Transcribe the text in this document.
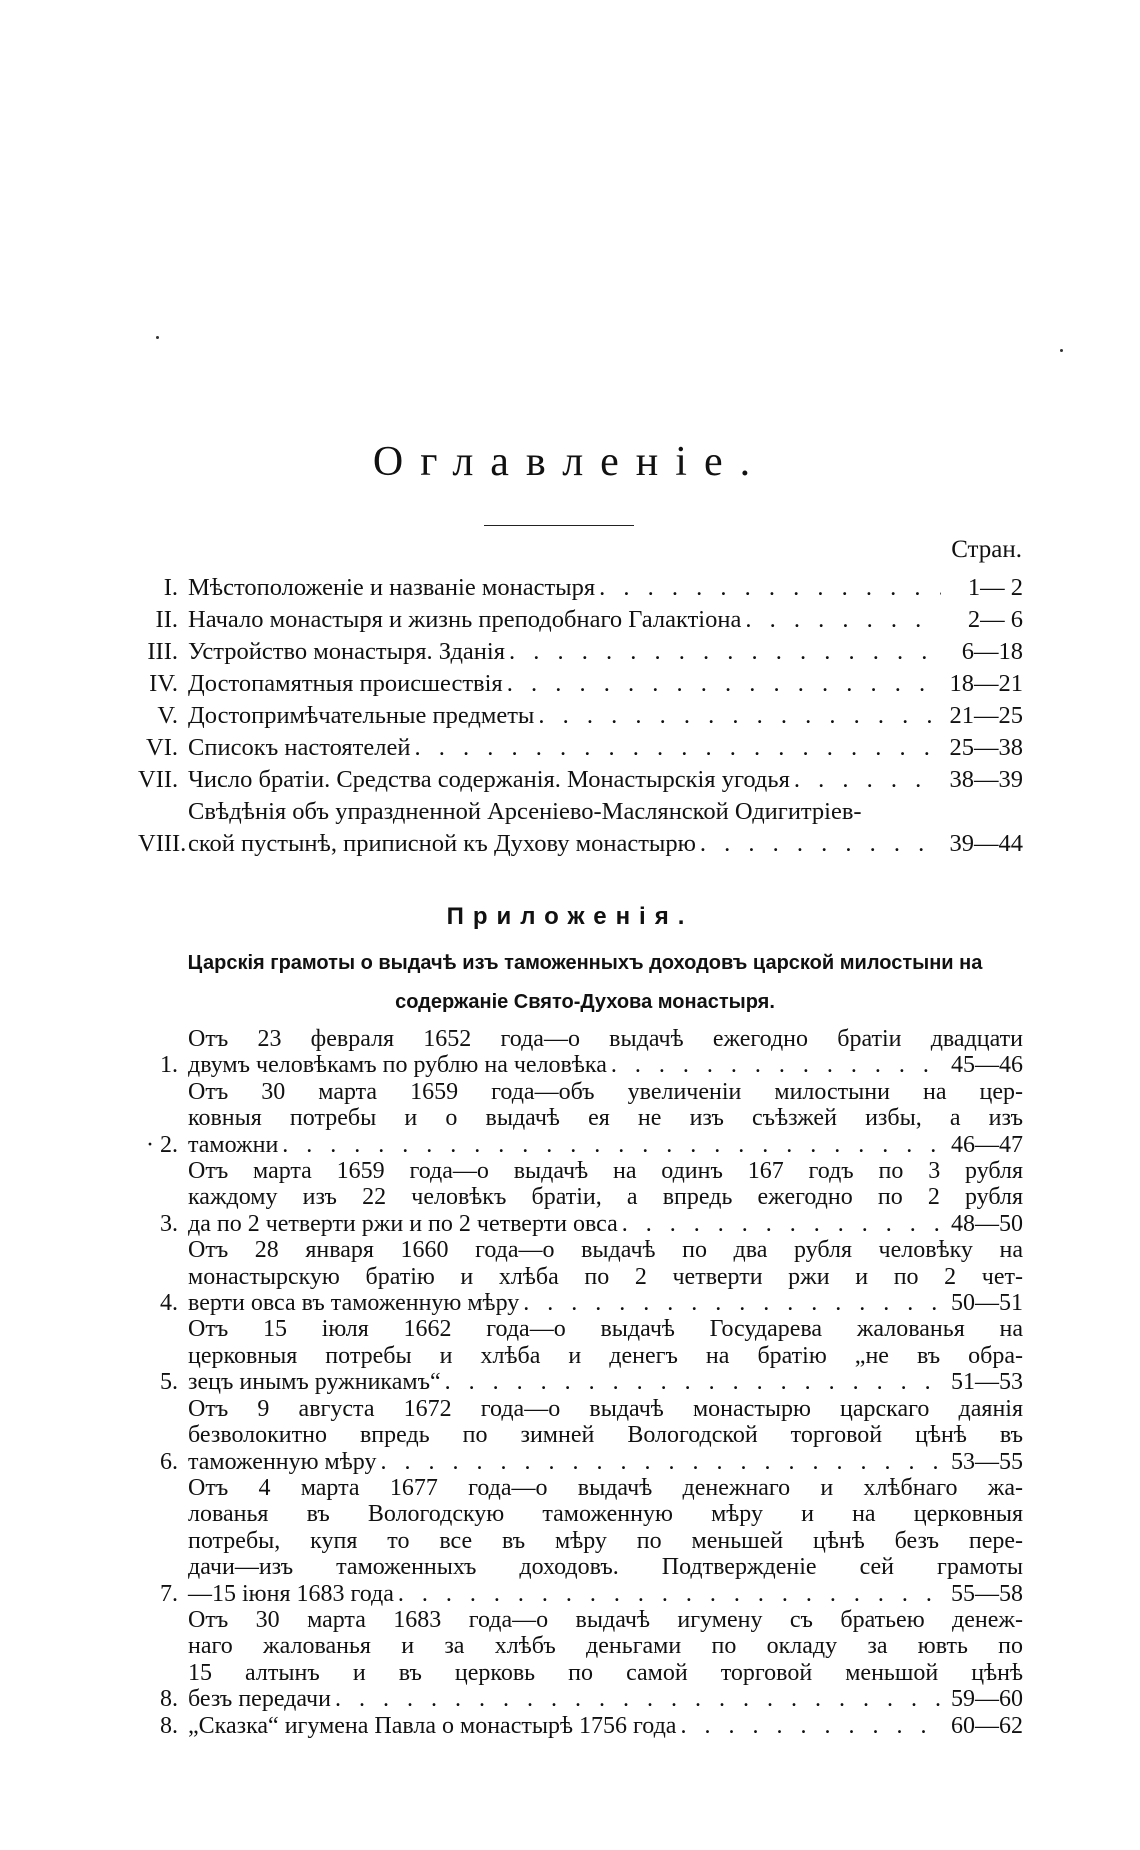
Оглавленіе.
Стран.
I. Мѣстоположеніе и названіе монастыря . . .	1— 2
II. Начало монастыря и жизнь преподобнаго Галактіона . . .	2— 6
III. Устройство монастыря. Зданія . . .	6—18
IV. Достопамятныя происшествія . . .	18—21
V. Достопримѣчательные предметы . . .	21—25
VI. Списокъ настоятелей . . .	25—38
VII. Число братіи. Средства содержанія. Монастырскія угодья . . .	38—39
VIII.
Свѣдѣнія объ упраздненной Арсеніево-Маслянской Одигитріев-
ской пустынѣ, приписной къ Духову монастырю . . .	39—44
Приложенія.
Царскія грамоты о выдачѣ изъ таможенныхъ доходовъ царской милостыни на содержаніе Свято-Духова монастыря.
1.
Отъ 23 февраля 1652 года—о выдачѣ ежегодно братіи двадцати
двумъ человѣкамъ по рублю на человѣка . . .	45—46
· 2.
Отъ 30 марта 1659 года—объ увеличеніи милостыни на цер-
ковныя потребы и о выдачѣ ея не изъ съѣзжей избы, а изъ
таможни . . .	46—47
3.
Отъ марта 1659 года—о выдачѣ на одинъ 167 годъ по 3 рубля
каждому изъ 22 человѣкъ братіи, а впредь ежегодно по 2 рубля
да по 2 четверти ржи и по 2 четверти овса . . .	48—50
4.
Отъ 28 января 1660 года—о выдачѣ по два рубля человѣку на
монастырскую братію и хлѣба по 2 четверти ржи и по 2 чет-
верти овса въ таможенную мѣру . . .	50—51
5.
Отъ 15 іюля 1662 года—о выдачѣ Государева жалованья на
церковныя потребы и хлѣба и денегъ на братію „не въ обра-
зецъ инымъ ружникамъ“ . . .	51—53
6.
Отъ 9 августа 1672 года—о выдачѣ монастырю царскаго даянія
безволокитно впредь по зимней Вологодской торговой цѣнѣ въ
таможенную мѣру . . .	53—55
7.
Отъ 4 марта 1677 года—о выдачѣ денежнаго и хлѣбнаго жа-
лованья въ Вологодскую таможенную мѣру и на церковныя
потребы, купя то все въ мѣру по меньшей цѣнѣ безъ пере-
дачи—изъ таможенныхъ доходовъ. Подтвержденіе сей грамоты
—15 іюня 1683 года . . .	55—58
8.
Отъ 30 марта 1683 года—о выдачѣ игумену съ братьею денеж-
наго жалованья и за хлѣбъ деньгами по окладу за ювть по
15 алтынъ и въ церковь по самой торговой меньшой цѣнѣ
безъ передачи . . .	59—60
8. „Сказка“ игумена Павла о монастырѣ 1756 года . . .	60—62
